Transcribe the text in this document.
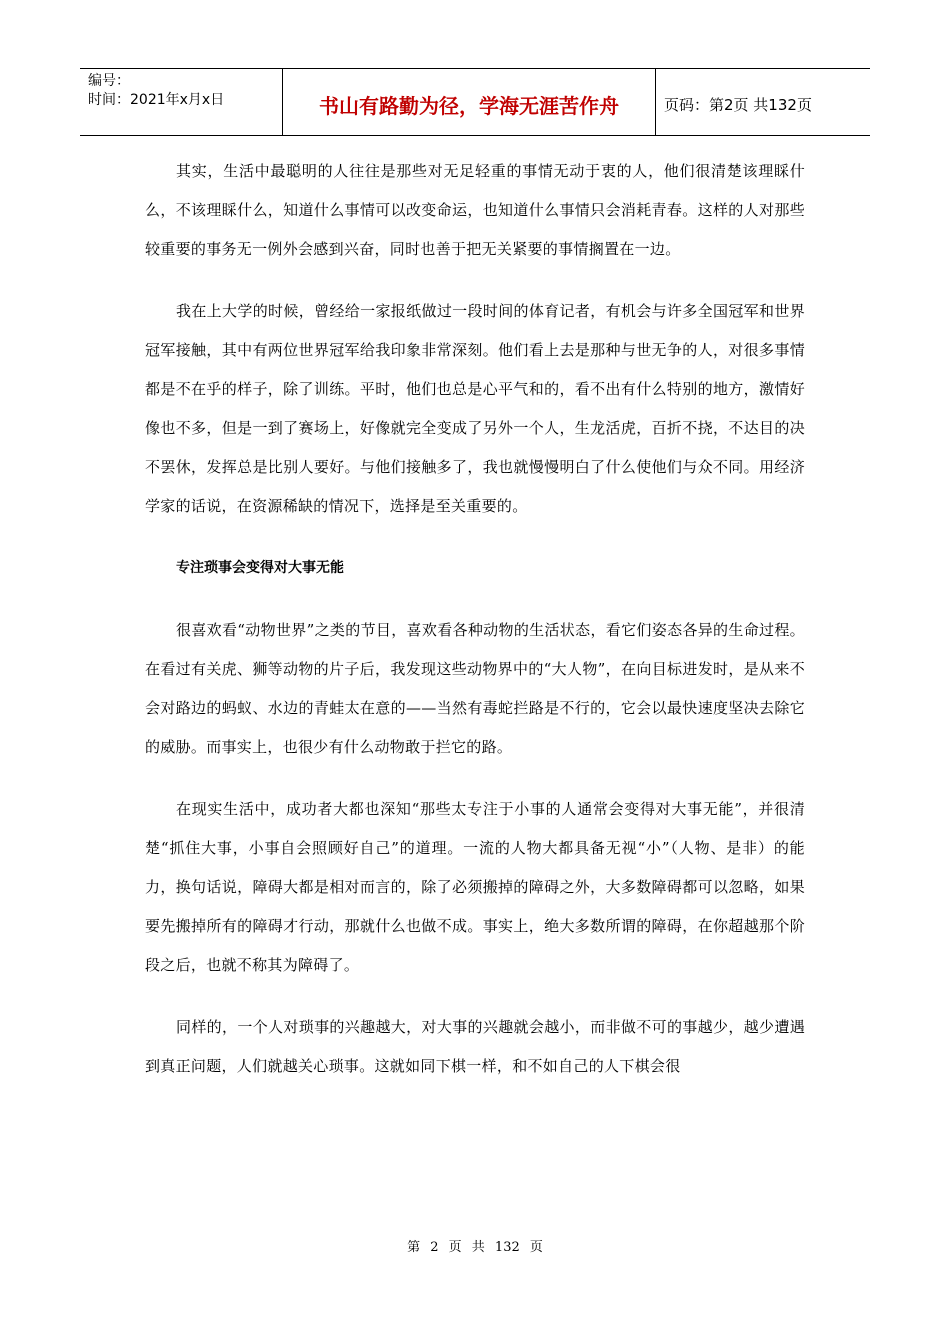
编号：
时间：2021年x月x日	书山有路勤为径，学海无涯苦作舟	页码：第2页 共132页

其实，生活中最聪明的人往往是那些对无足轻重的事情无动于衷的人，他们很清楚该理睬什么，不该理睬什么，知道什么事情可以改变命运，也知道什么事情只会消耗青春。这样的人对那些较重要的事务无一例外会感到兴奋，同时也善于把无关紧要的事情搁置在一边。

我在上大学的时候，曾经给一家报纸做过一段时间的体育记者，有机会与许多全国冠军和世界冠军接触，其中有两位世界冠军给我印象非常深刻。他们看上去是那种与世无争的人，对很多事情都是不在乎的样子，除了训练。平时，他们也总是心平气和的，看不出有什么特别的地方，激情好像也不多，但是一到了赛场上，好像就完全变成了另外一个人，生龙活虎，百折不挠，不达目的决不罢休，发挥总是比别人要好。与他们接触多了，我也就慢慢明白了什么使他们与众不同。用经济学家的话说，在资源稀缺的情况下，选择是至关重要的。

专注琐事会变得对大事无能

很喜欢看“动物世界”之类的节目，喜欢看各种动物的生活状态，看它们姿态各异的生命过程。在看过有关虎、狮等动物的片子后，我发现这些动物界中的“大人物”，在向目标进发时，是从来不会对路边的蚂蚁、水边的青蛙太在意的——当然有毒蛇拦路是不行的，它会以最快速度坚决去除它的威胁。而事实上，也很少有什么动物敢于拦它的路。

在现实生活中，成功者大都也深知“那些太专注于小事的人通常会变得对大事无能”，并很清楚“抓住大事，小事自会照顾好自己”的道理。一流的人物大都具备无视“小”（人物、是非）的能力，换句话说，障碍大都是相对而言的，除了必须搬掉的障碍之外，大多数障碍都可以忽略，如果要先搬掉所有的障碍才行动，那就什么也做不成。事实上，绝大多数所谓的障碍，在你超越那个阶段之后，也就不称其为障碍了。

同样的，一个人对琐事的兴趣越大，对大事的兴趣就会越小，而非做不可的事越少，越少遭遇到真正问题，人们就越关心琐事。这就如同下棋一样，和不如自己的人下棋会很

第 2 页 共 132 页
